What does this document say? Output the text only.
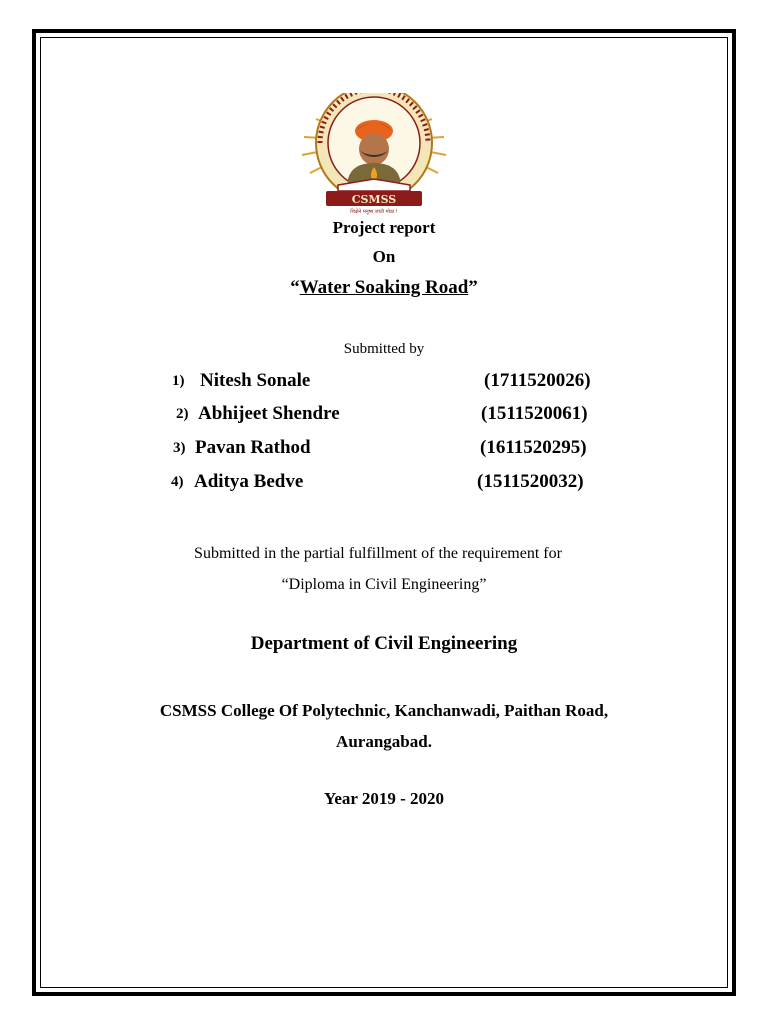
CSMSS
शिक्षेने मनुष्य जाती मोठा !
Project report
On
“Water Soaking Road”
Submitted by
1) Nitesh Sonale	(1711520026)
2) Abhijeet Shendre	(1511520061)
3) Pavan Rathod	(1611520295)
4) Aditya Bedve	(1511520032)
Submitted in the partial fulfillment of the requirement for
“Diploma in Civil Engineering”
Department of Civil Engineering
CSMSS College Of Polytechnic, Kanchanwadi, Paithan Road,
Aurangabad.
Year 2019 - 2020
